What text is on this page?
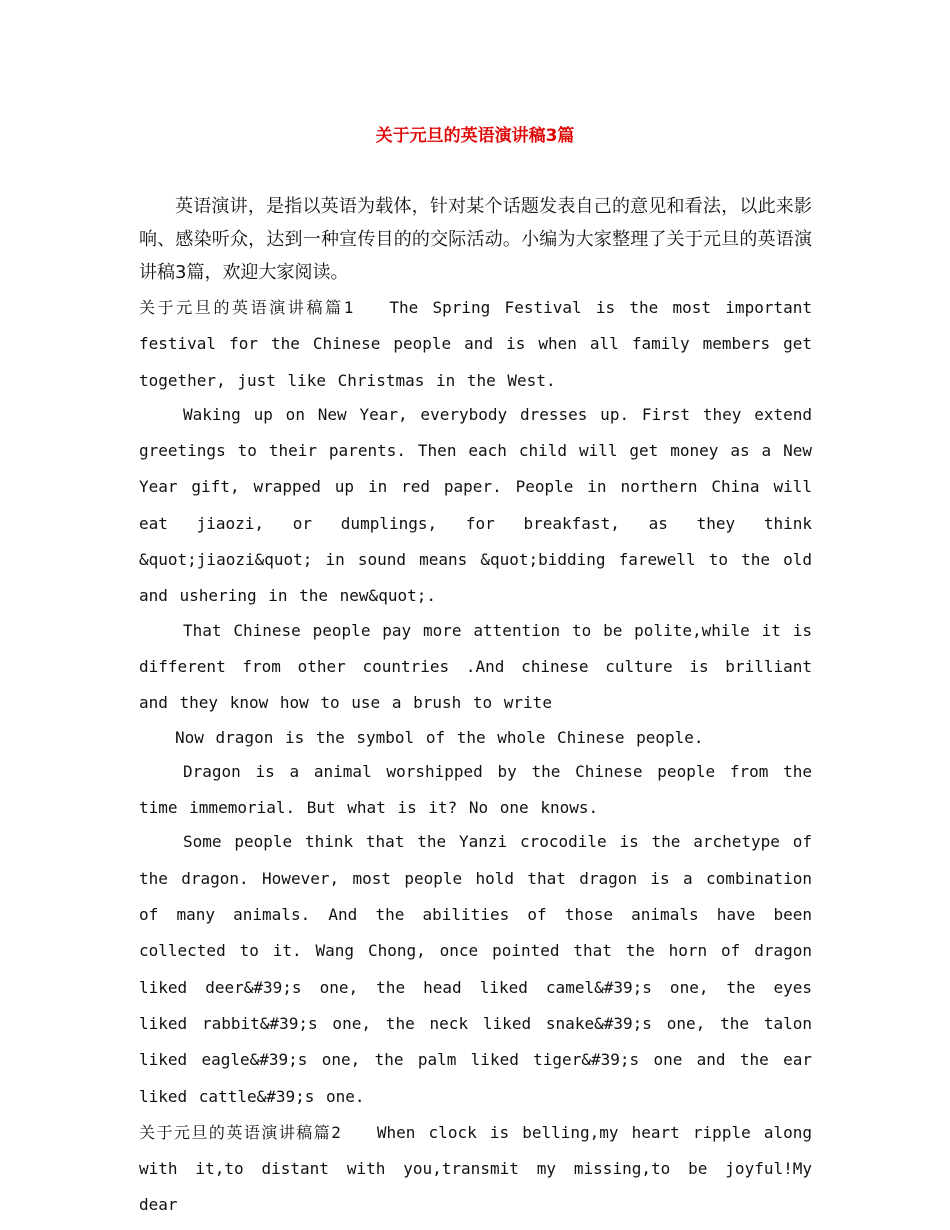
关于元旦的英语演讲稿3篇

英语演讲，是指以英语为载体，针对某个话题发表自己的意见和看法，以此来影响、感染听众，达到一种宣传目的的交际活动。小编为大家整理了关于元旦的英语演讲稿3篇，欢迎大家阅读。

关于元旦的英语演讲稿篇1 The Spring Festival is the most important festival for the Chinese people and is when all family members get together, just like Christmas in the West.

Waking up on New Year, everybody dresses up. First they extend greetings to their parents. Then each child will get money as a New Year gift, wrapped up in red paper. People in northern China will eat jiaozi, or dumplings, for breakfast, as they think &quot;jiaozi&quot; in sound means &quot;bidding farewell to the old and ushering in the new&quot;.

That Chinese people pay more attention to be polite,while it is different from other countries .And chinese culture is brilliant and they know how to use a brush to write

Now dragon is the symbol of the whole Chinese people.

Dragon is a animal worshipped by the Chinese people from the time immemorial. But what is it? No one knows.

Some people think that the Yanzi crocodile is the archetype of the dragon. However, most people hold that dragon is a combination of many animals. And the abilities of those animals have been collected to it. Wang Chong, once pointed that the horn of dragon liked deer&#39;s one, the head liked camel&#39;s one, the eyes liked rabbit&#39;s one, the neck liked snake&#39;s one, the talon liked eagle&#39;s one, the palm liked tiger&#39;s one and the ear liked cattle&#39;s one.

关于元旦的英语演讲稿篇2 When clock is belling,my heart ripple along with it,to distant with you,transmit my missing,to be joyful!My dear
